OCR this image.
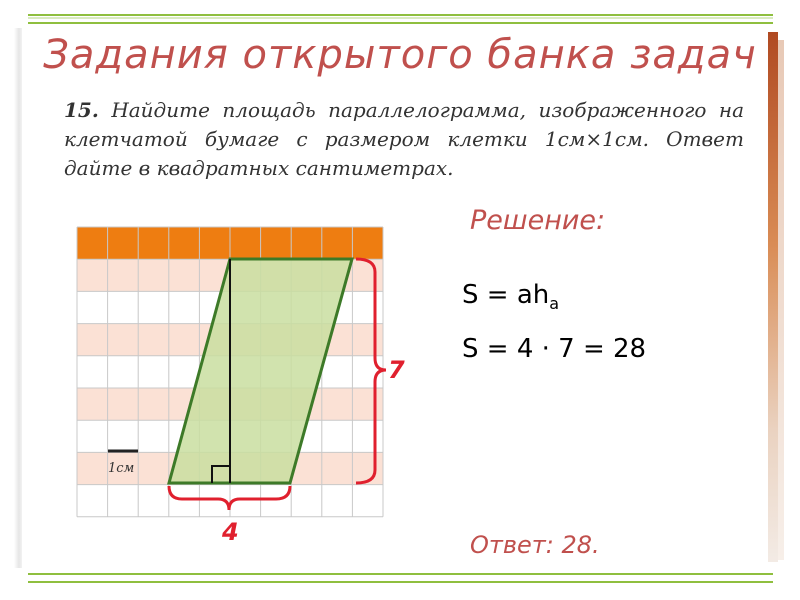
Задания открытого банка задач
15. Найдите площадь параллелограмма, изображенного на клетчатой бумаге с размером клетки 1см×1см. Ответ дайте в квадратных сантиметрах.
Решение:
$S = ah_a$
S = 4 · 7 = 28
1см
7
4	Ответ: 28.
